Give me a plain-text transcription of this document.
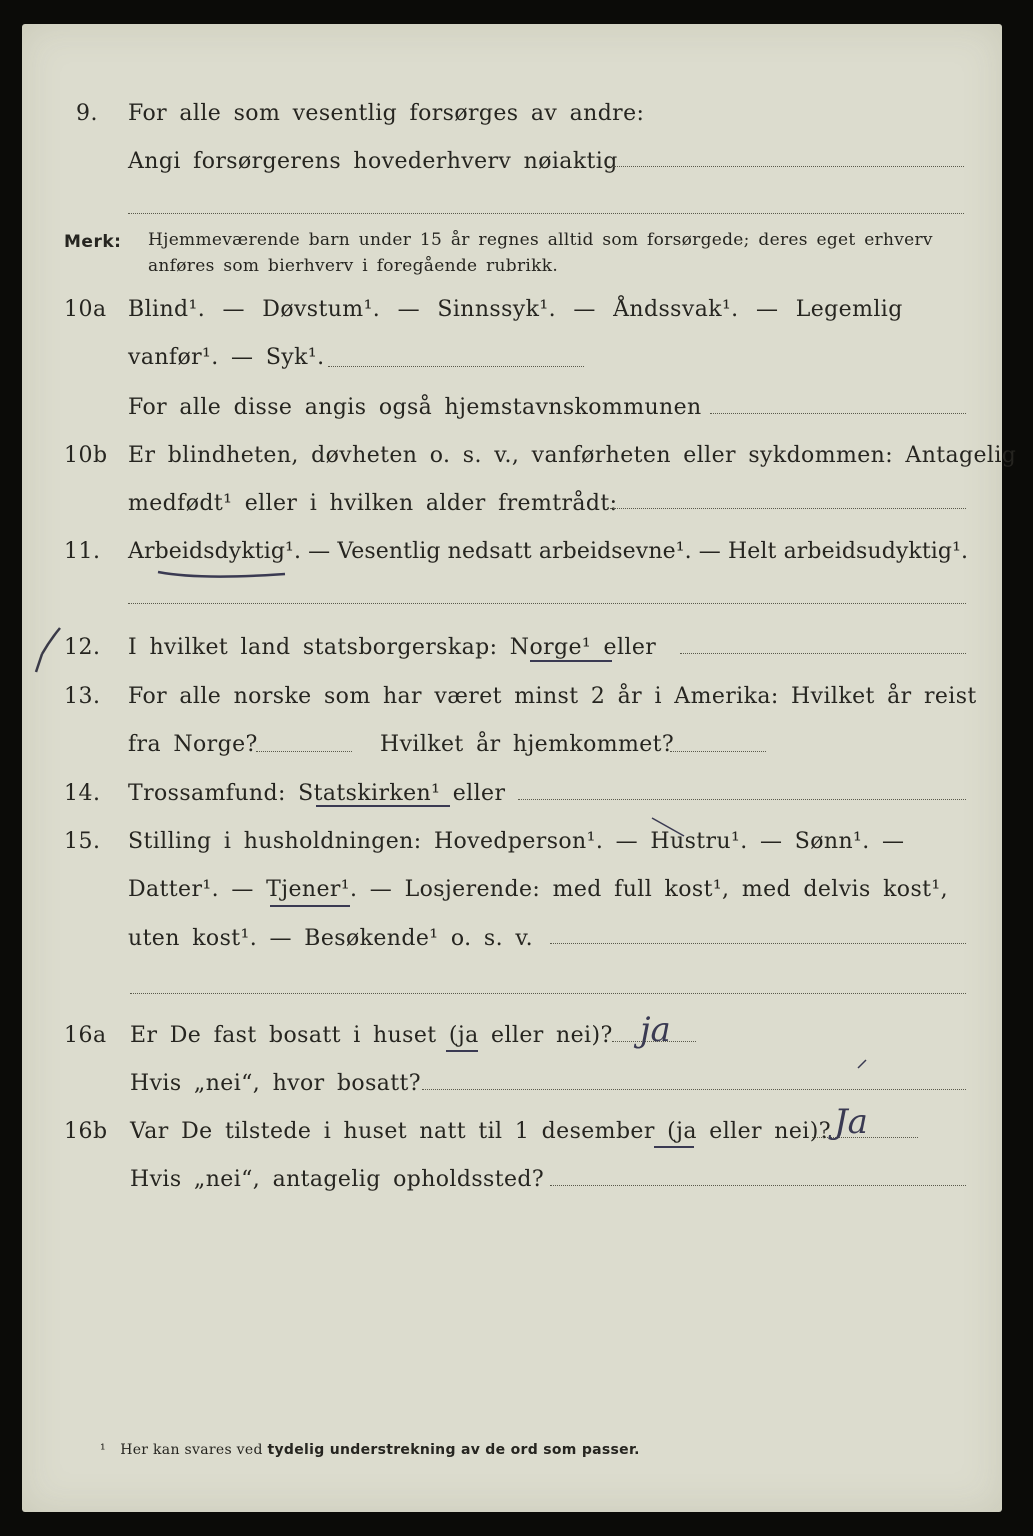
9. For alle som vesentlig forsørges av andre:
Angi forsørgerens hovederhverv nøiaktig
Merk: Hjemmeværende barn under 15 år regnes alltid som forsørgede; deres eget erhverv
anføres som bierhverv i foregående rubrikk.
10a Blind¹. — Døvstum¹. — Sinnssyk¹. — Åndssvak¹. — Legemlig
vanfør¹. — Syk¹.
For alle disse angis også hjemstavnskommunen
10b Er blindheten, døvheten o. s. v., vanførheten eller sykdommen: Antagelig
medfødt¹ eller i hvilken alder fremtrådt:
11. Arbeidsdyktig¹. — Vesentlig nedsatt arbeidsevne¹. — Helt arbeidsudyktig¹.
12. I hvilket land statsborgerskap: Norge¹ eller
13. For alle norske som har været minst 2 år i Amerika: Hvilket år reist
fra Norge?	Hvilket år hjemkommet?
14. Trossamfund: Statskirken¹ eller
15. Stilling i husholdningen: Hovedperson¹. — Hustru¹. — Sønn¹. —
Datter¹. — Tjener¹. — Losjerende: med full kost¹, med delvis kost¹,
uten kost¹. — Besøkende¹ o. s. v.
16a Er De fast bosatt i huset (ja eller nei)? ja
Hvis „nei“, hvor bosatt?
16b Var De tilstede i huset natt til 1 desember (ja eller nei)? Ja
Hvis „nei“, antagelig opholdssted?
¹ Her kan svares ved tydelig understrekning av de ord som passer.
